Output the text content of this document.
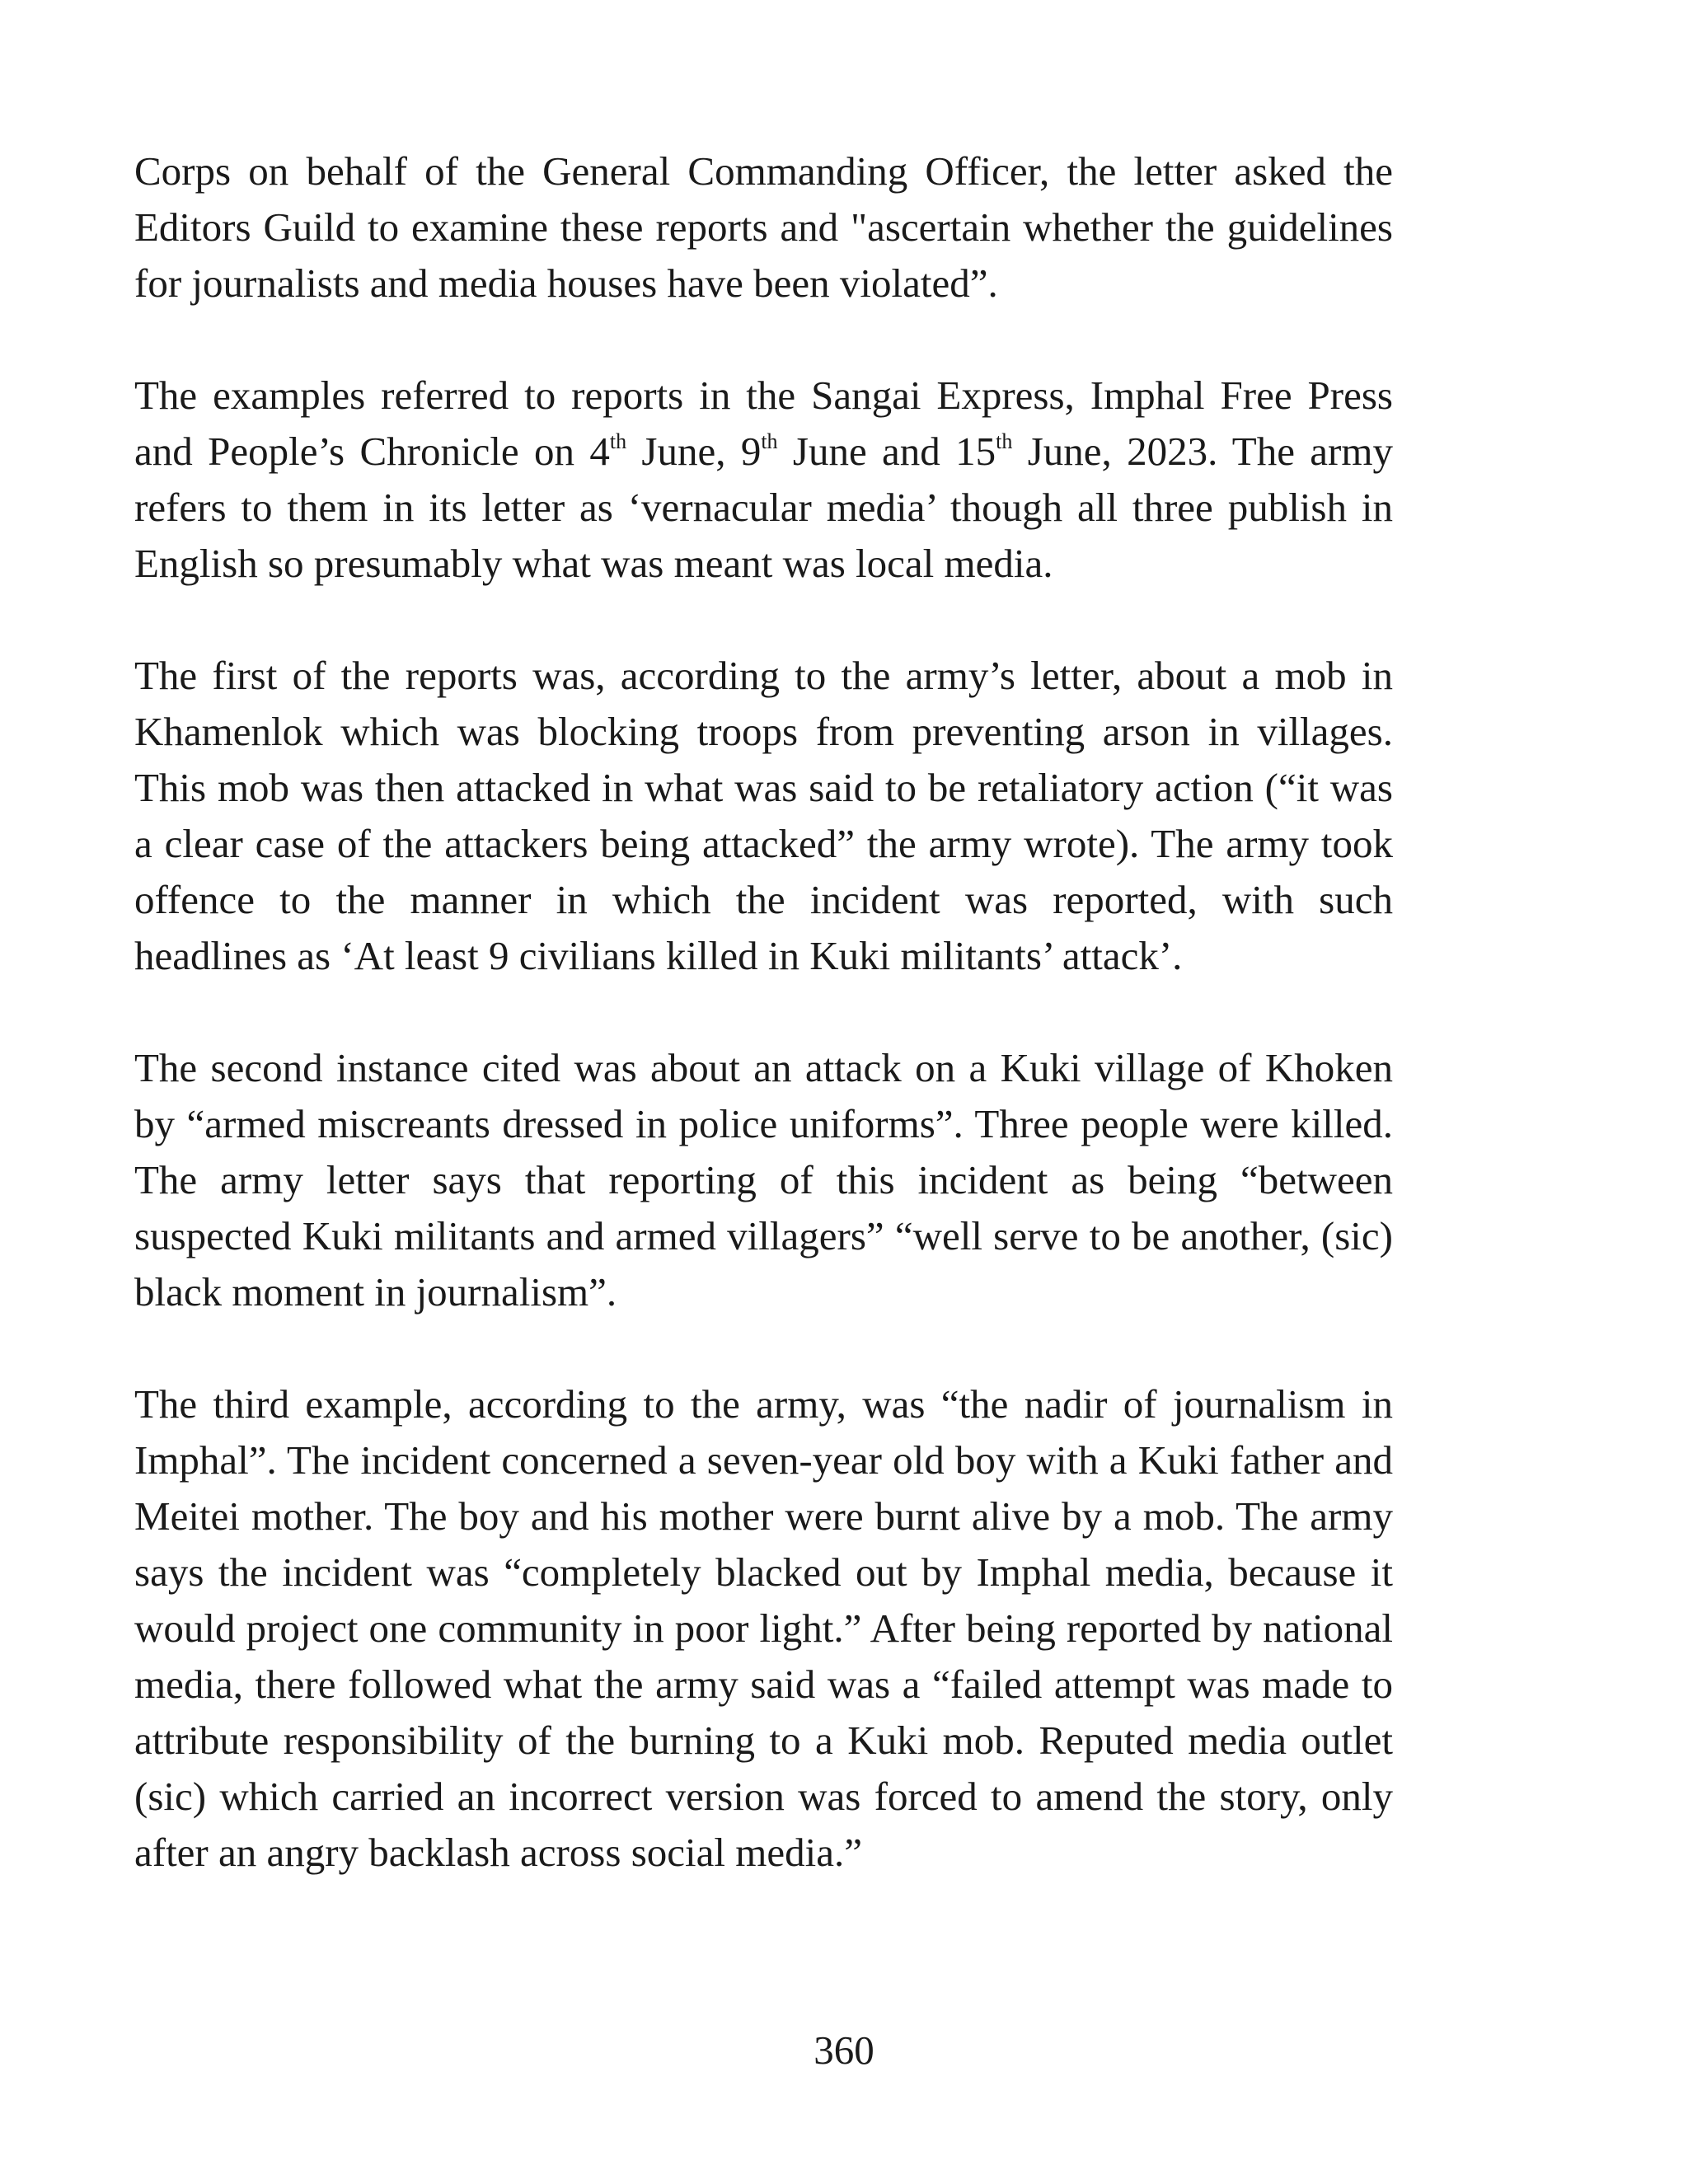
Corps on behalf of the General Commanding Officer, the letter asked the Editors Guild to examine these reports and "ascertain whether the guidelines for journalists and media houses have been violated”.

The examples referred to reports in the Sangai Express, Imphal Free Press and People’s Chronicle on 4th June, 9th June and 15th June, 2023. The army refers to them in its letter as ‘vernacular media’ though all three publish in English so presumably what was meant was local media.

The first of the reports was, according to the army’s letter, about a mob in Khamenlok which was blocking troops from preventing arson in villages. This mob was then attacked in what was said to be retaliatory action (“it was a clear case of the attackers being attacked” the army wrote). The army took offence to the manner in which the incident was reported, with such headlines as ‘At least 9 civilians killed in Kuki militants’ attack’.

The second instance cited was about an attack on a Kuki village of Khoken by “armed miscreants dressed in police uniforms”. Three people were killed. The army letter says that reporting of this incident as being “between suspected Kuki militants and armed villagers” “well serve to be another, (sic) black moment in journalism”.

The third example, according to the army, was “the nadir of journalism in Imphal”. The incident concerned a seven-year old boy with a Kuki father and Meitei mother. The boy and his mother were burnt alive by a mob. The army says the incident was “completely blacked out by Imphal media, because it would project one community in poor light.” After being reported by national media, there followed what the army said was a “failed attempt was made to attribute responsibility of the burning to a Kuki mob. Reputed media outlet (sic) which carried an incorrect version was forced to amend the story, only after an angry backlash across social media.”

360
